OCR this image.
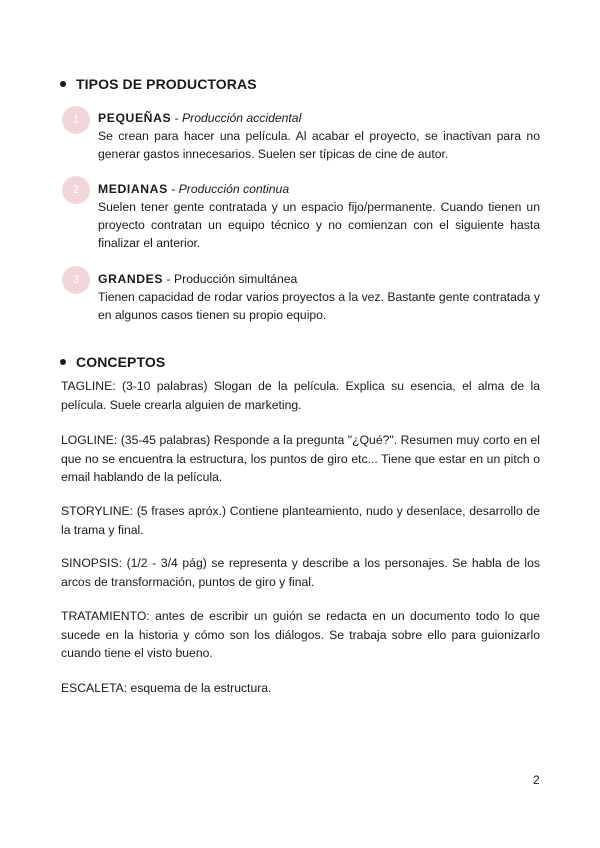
TIPOS DE PRODUCTORAS
1 PEQUEÑAS - Producción accidental
Se crean para hacer una película. Al acabar el proyecto, se inactivan para no generar gastos innecesarios. Suelen ser típicas de cine de autor.
2 MEDIANAS - Producción continua
Suelen tener gente contratada y un espacio fijo/permanente. Cuando tienen un proyecto contratan un equipo técnico y no comienzan con el siguiente hasta finalizar el anterior.
3 GRANDES - Producción simultánea
Tienen capacidad de rodar varios proyectos a la vez. Bastante gente contratada y en algunos casos tienen su propio equipo.
CONCEPTOS
TAGLINE: (3-10 palabras) Slogan de la película. Explica su esencia, el alma de la película. Suele crearla alguien de marketing.
LOGLINE: (35-45 palabras) Responde a la pregunta "¿Qué?". Resumen muy corto en el que no se encuentra la estructura, los puntos de giro etc... Tiene que estar en un pitch o email hablando de la película.
STORYLINE: (5 frases apróx.) Contiene planteamiento, nudo y desenlace, desarrollo de la trama y final.
SINOPSIS: (1/2 - 3/4 pág) se representa y describe a los personajes. Se habla de los arcos de transformación, puntos de giro y final.
TRATAMIENTO: antes de escribir un guión se redacta en un documento todo lo que sucede en la historia y cómo son los diálogos. Se trabaja sobre ello para guionizarlo cuando tiene el visto bueno.
ESCALETA: esquema de la estructura.
2
